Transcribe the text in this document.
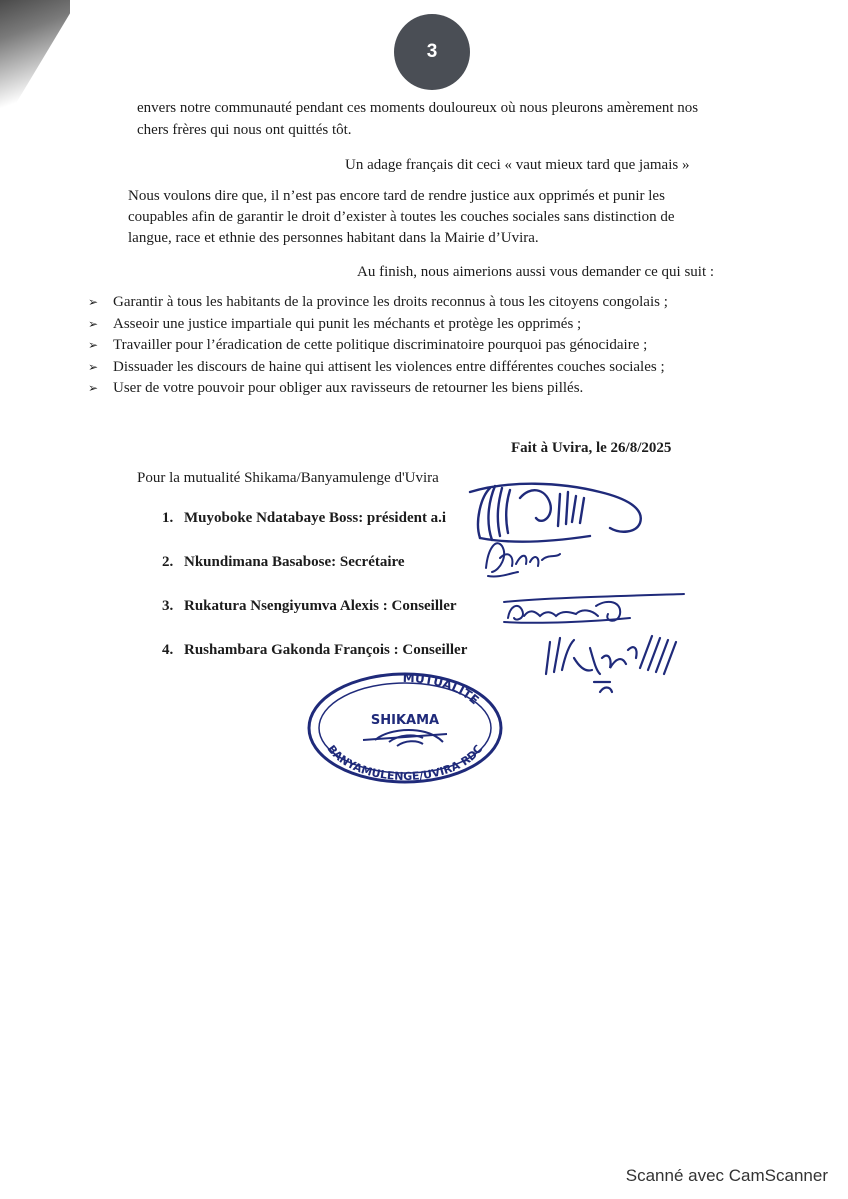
3
envers notre communauté pendant ces moments douloureux où nous pleurons amèrement nos
chers frères qui nous ont quittés tôt.
Un adage français dit ceci « vaut mieux tard que jamais »
Nous voulons dire que, il n’est pas encore tard de rendre justice aux opprimés et punir les
coupables afin de garantir le droit d’exister à toutes les couches sociales sans distinction de
langue, race et ethnie des personnes habitant dans la Mairie d’Uvira.
Au finish, nous aimerions aussi vous demander ce qui suit :
➢ Garantir à tous les habitants de la province les droits reconnus à tous les citoyens congolais ;
➢ Asseoir une justice impartiale qui punit les méchants et protège les opprimés ;
➢ Travailler pour l’éradication de cette politique discriminatoire pourquoi pas génocidaire ;
➢ Dissuader les discours de haine qui attisent les violences entre différentes couches sociales ;
➢ User de votre pouvoir pour obliger aux ravisseurs de retourner les biens pillés.
Fait à Uvira, le 26/8/2025
Pour la mutualité Shikama/Banyamulenge d'Uvira
1. Muyoboke Ndatabaye Boss: président a.i
2. Nkundimana Basabose: Secrétaire
3. Rukatura Nsengiyumva Alexis : Conseiller
4. Rushambara Gakonda François : Conseiller
MUTUALITE
BANYAMULENGE/UVIRA RDC
SHIKAMA
Scanné avec CamScanner
